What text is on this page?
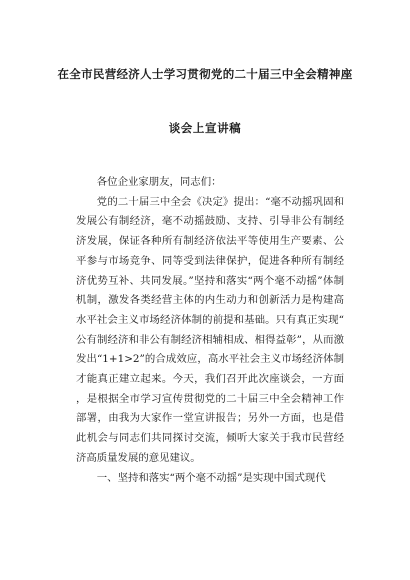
在全市民营经济人士学习贯彻党的二十届三中全会精神座
谈会上宣讲稿

各位企业家朋友，同志们：

党的二十届三中全会《决定》提出：“毫不动摇巩固和发展公有制经济，毫不动摇鼓励、支持、引导非公有制经济发展，保证各种所有制经济依法平等使用生产要素、公平参与市场竞争、同等受到法律保护，促进各种所有制经济优势互补、共同发展。”坚持和落实“两个毫不动摇”体制机制，激发各类经营主体的内生动力和创新活力是构建高水平社会主义市场经济体制的前提和基础。只有真正实现“公有制经济和非公有制经济相辅相成、相得益彰”，从而激发出“1+1>2”的合成效应，高水平社会主义市场经济体制才能真正建立起来。今天，我们召开此次座谈会，一方面，是根据全市学习宣传贯彻党的二十届三中全会精神工作部署，由我为大家作一堂宣讲报告；另外一方面，也是借此机会与同志们共同探讨交流，倾听大家关于我市民营经济高质量发展的意见建议。

一、坚持和落实“两个毫不动摇”是实现中国式现代
